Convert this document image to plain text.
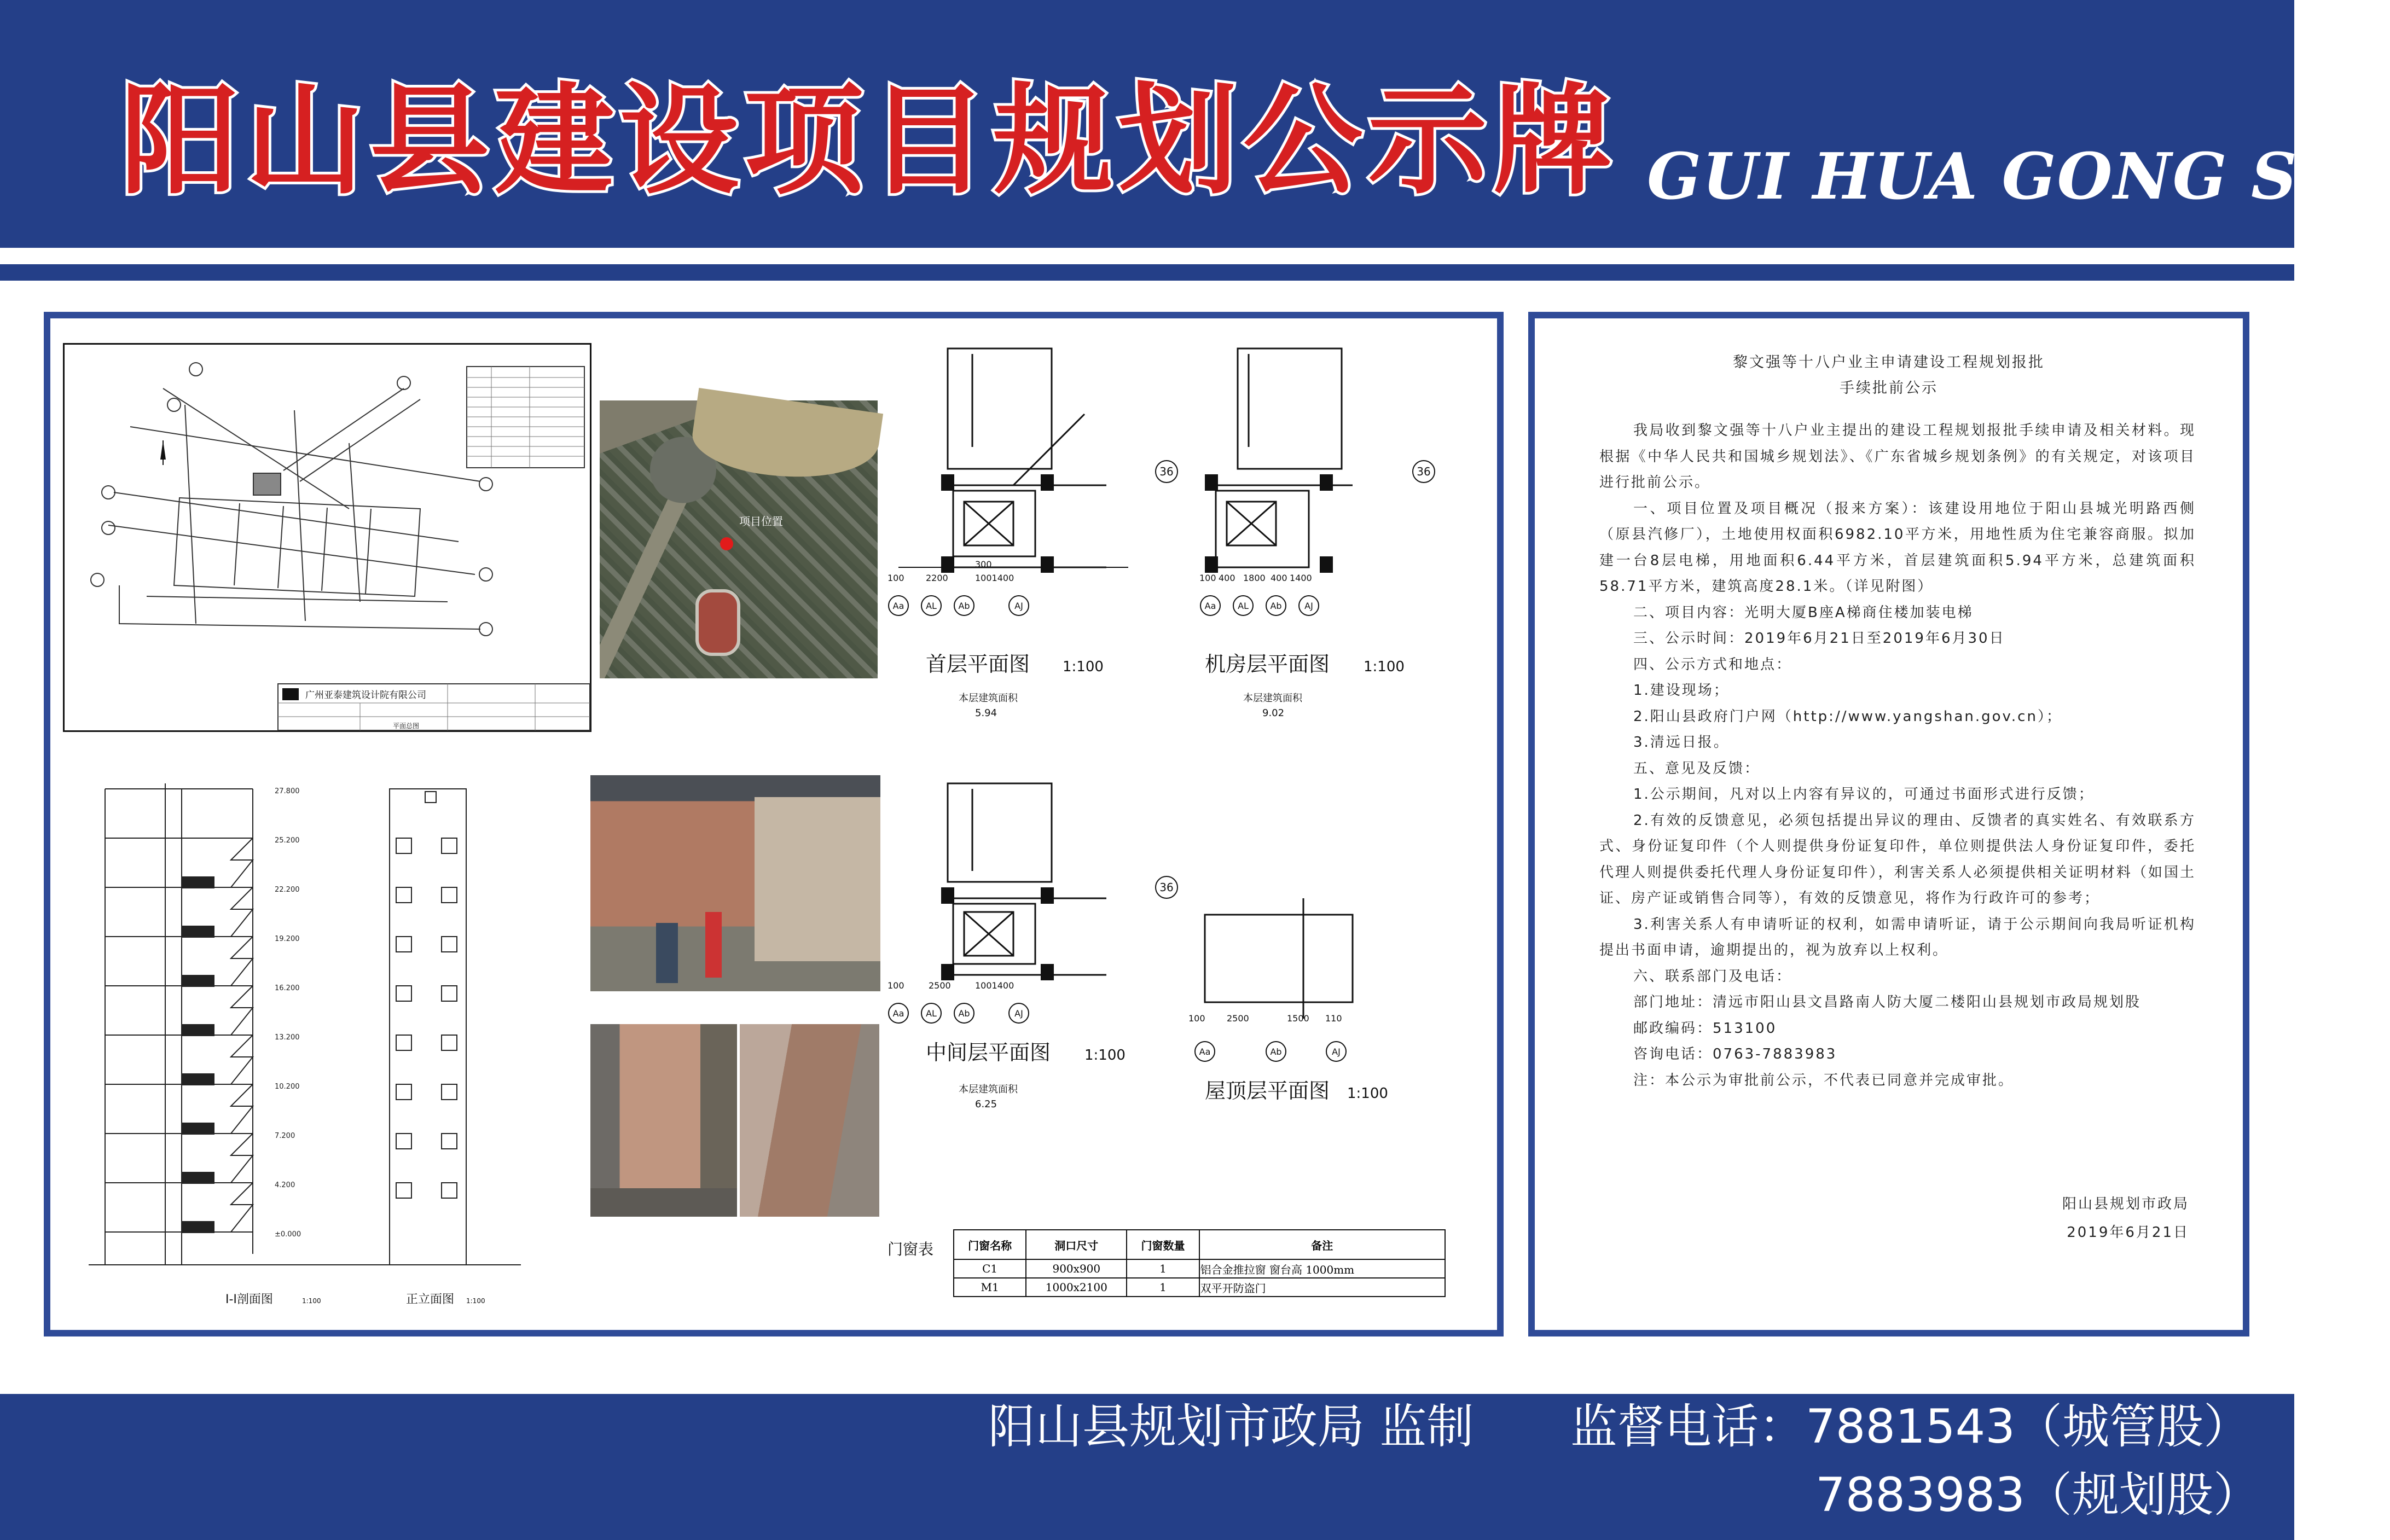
阳山县建设项目规划公示牌 GUI HUA GONG SHI
广州亚泰建筑设计院有限公司
平面总图
项目位置
27.800
25.200
22.200
19.200
16.200
13.200
10.200
7.200
4.200
±0.000
I-I剖面图	1:100	正立面图 1:100
Aa AL Ab	AJ
36
100 2200
300
1001400
首层平面图 1:100
本层建筑面积
5.94
Aa AL Ab	AJ
36
100 400 1800 400 1400
机房层平面图 1:100
本层建筑面积
9.02
Aa AL Ab	AJ
36
100	2500	1001400
中间层平面图 1:100
本层建筑面积
6.25
Aa	Ab	AJ
100 2500	1500 110
屋顶层平面图 1:100
门窗表	门窗名称	洞口尺寸	门窗数量	备注
C1	900x900	1	铝合金推拉窗 窗台高 1000mm
M1	1000x2100	1	双平开防盗门
黎文强等十八户业主申请建设工程规划报批
手续批前公示

我局收到黎文强等十八户业主提出的建设工程规划报批手续申请及相关材料。现根据《中华人民共和国城乡规划法》、《广东省城乡规划条例》的有关规定，对该项目进行批前公示。

一、项目位置及项目概况（报来方案）：该建设用地位于阳山县城光明路西侧（原县汽修厂），土地使用权面积6982.10平方米，用地性质为住宅兼容商服。拟加建一台8层电梯，用地面积6.44平方米，首层建筑面积5.94平方米，总建筑面积58.71平方米，建筑高度28.1米。（详见附图）

二、项目内容：光明大厦B座A梯商住楼加装电梯

三、公示时间：2019年6月21日至2019年6月30日

四、公示方式和地点：

1.建设现场；

2.阳山县政府门户网（http://www.yangshan.gov.cn）；

3.清远日报。

五、意见及反馈：

1.公示期间，凡对以上内容有异议的，可通过书面形式进行反馈；

2.有效的反馈意见，必须包括提出异议的理由、反馈者的真实姓名、有效联系方式、身份证复印件（个人则提供身份证复印件，单位则提供法人身份证复印件，委托代理人则提供委托代理人身份证复印件），利害关系人必须提供相关证明材料（如国土证、房产证或销售合同等），有效的反馈意见，将作为行政许可的参考；

3.利害关系人有申请听证的权利，如需申请听证，请于公示期间向我局听证机构提出书面申请，逾期提出的，视为放弃以上权利。

六、联系部门及电话：

部门地址：清远市阳山县文昌路南人防大厦二楼阳山县规划市政局规划股

邮政编码：513100

咨询电话：0763-7883983

注：本公示为审批前公示，不代表已同意并完成审批。

阳山县规划市政局
2019年6月21日
阳山县规划市政局 监制 监督电话：7881543（城管股）
7883983（规划股）
